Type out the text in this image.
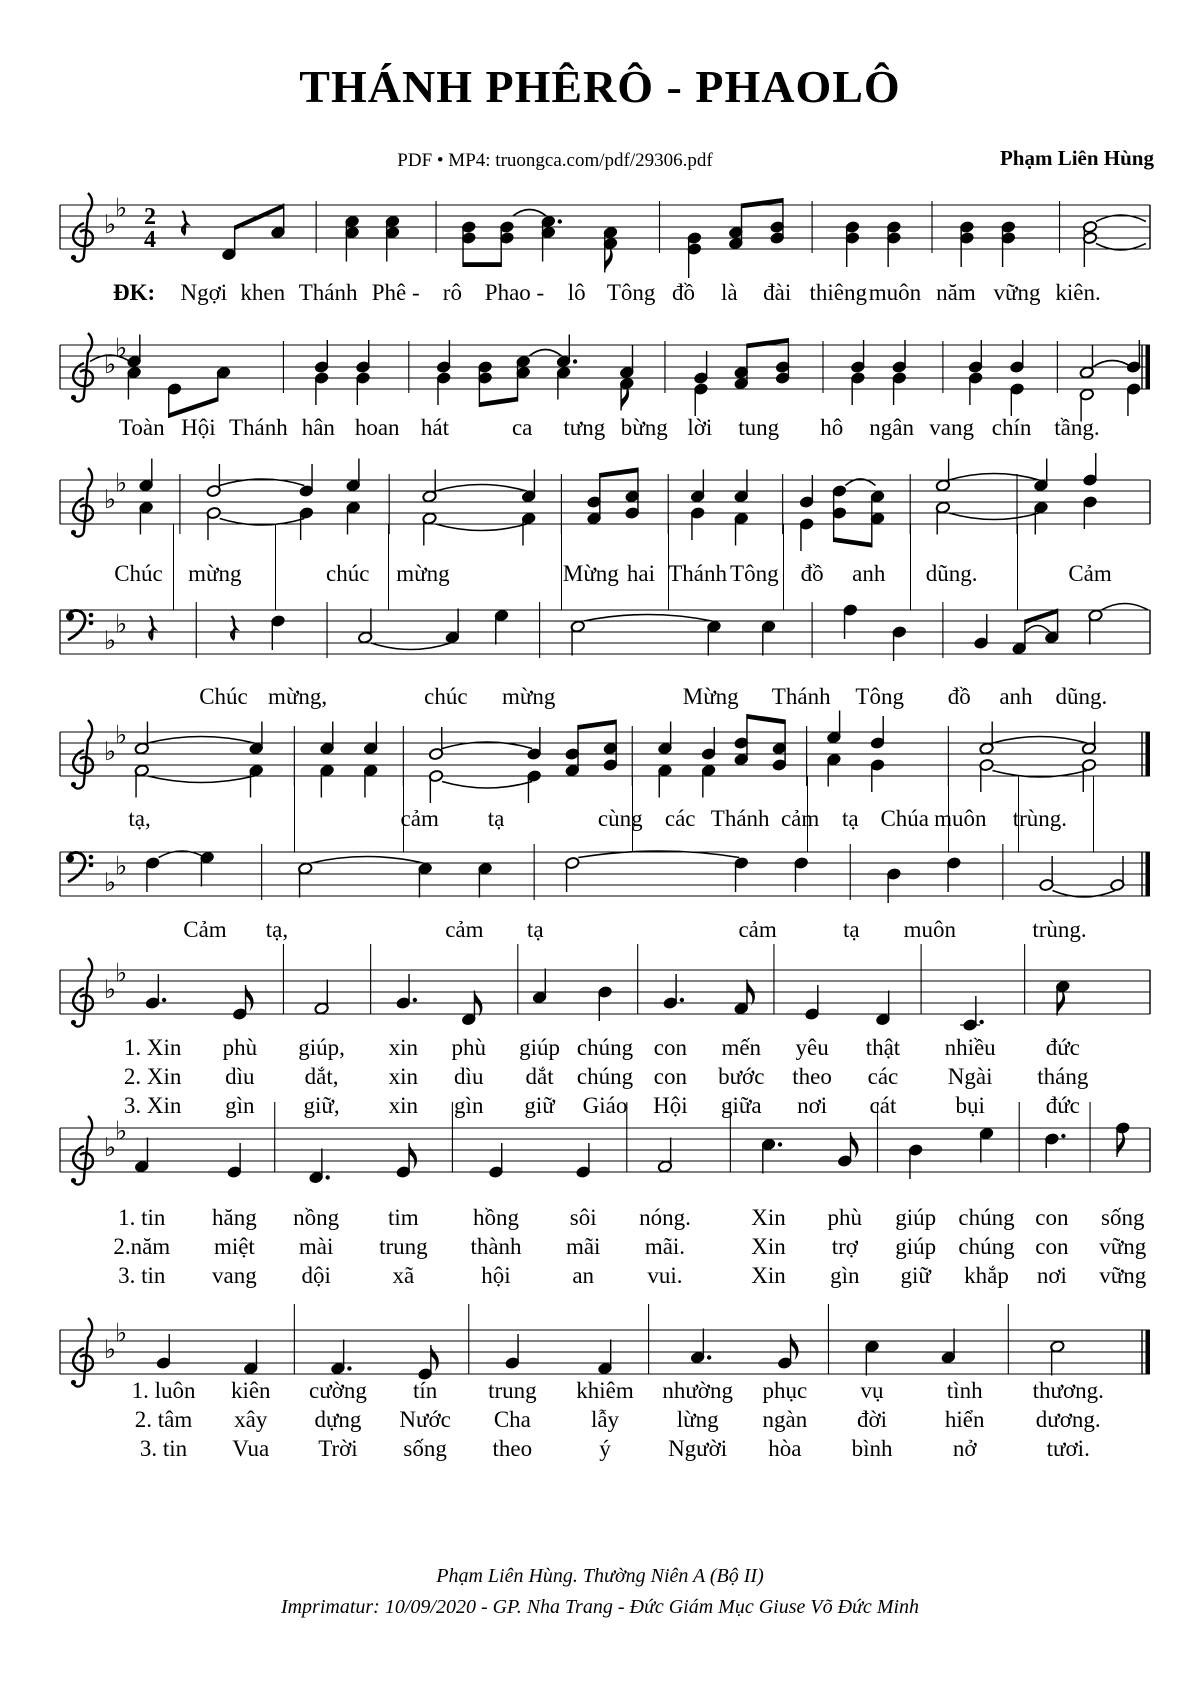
THÁNH PHÊRÔ - PHAOLÔ
PDF • MP4: truongca.com/pdf/29306.pdf	Phạm Liên Hùng
♭
♭ 2
4
♭
♭
♭
♭
♭
♭
♭
♭
♭
♭
♭
♭
♭
♭
♭
♭
ĐK: Ngợi khen Thánh Phê - rô Phao - lô Tông đồ là đài thiêng muôn năm vững kiên.
Toàn Hội Thánh hân hoan hát	ca tưng bừng lời tung hô ngân vang chín tầng.
Chúc mừng	chúc mừng	Mừng hai Thánh Tông đồ anh dũng.	Cảm
Chúc mừng,	chúc mừng	Mừng Thánh Tông đồ anh dũng.
tạ,	cảm tạ	cùng các Thánh cảm tạ Chúa muôn trùng.
Cảm tạ,	cảm tạ	cảm	tạ muôn	trùng.
1. Xin phù giúp, xin phù giúp chúng con mến yêu thật nhiều đức
2. Xin dìu dắt, xin dìu dắt chúng con bước theo các Ngài tháng
3. Xin gìn giữ, xin gìn giữ Giáo Hội giữa nơi cát	bụi	đức
1. tin hăng nồng tim hồng sôi nóng.	Xin phù giúp chúng con sống
2.năm miệt mài trung thành mãi mãi.	Xin trợ giúp chúng con vững
3. tin vang dội	xã	hội	an vui.	Xin gìn giữ khắp nơi vững
1. luôn kiên cường tín trung khiêm nhường phục vụ	tình thương.
2. tâm xây dựng Nước Cha	lẫy	lừng ngàn đời	hiển dương.
3. tin Vua Trời sống theo	ý Người hòa bình	nở	tươi.
Phạm Liên Hùng. Thường Niên A (Bộ II)
Imprimatur: 10/09/2020 - GP. Nha Trang - Đức Giám Mục Giuse Võ Đức Minh
